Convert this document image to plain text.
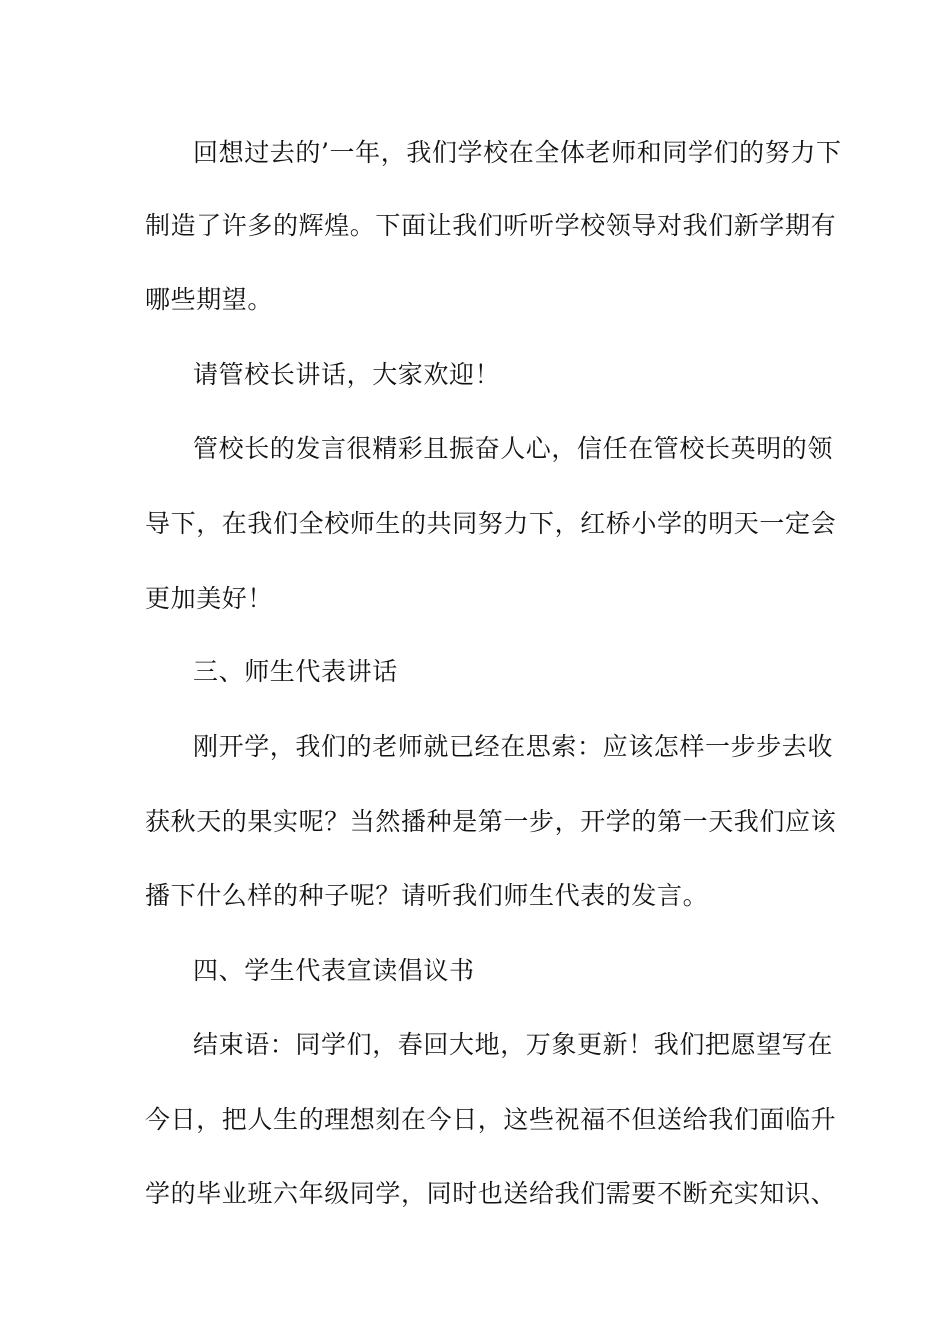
回想过去的’一年，我们学校在全体老师和同学们的努力下

制造了许多的辉煌。下面让我们听听学校领导对我们新学期有

哪些期望。

请管校长讲话，大家欢迎！

管校长的发言很精彩且振奋人心，信任在管校长英明的领

导下，在我们全校师生的共同努力下，红桥小学的明天一定会

更加美好！

三、师生代表讲话

刚开学，我们的老师就已经在思索：应该怎样一步步去收

获秋天的果实呢？当然播种是第一步，开学的第一天我们应该

播下什么样的种子呢？请听我们师生代表的发言。

四、学生代表宣读倡议书

结束语：同学们，春回大地，万象更新！我们把愿望写在

今日，把人生的理想刻在今日，这些祝福不但送给我们面临升

学的毕业班六年级同学，同时也送给我们需要不断充实知识、
